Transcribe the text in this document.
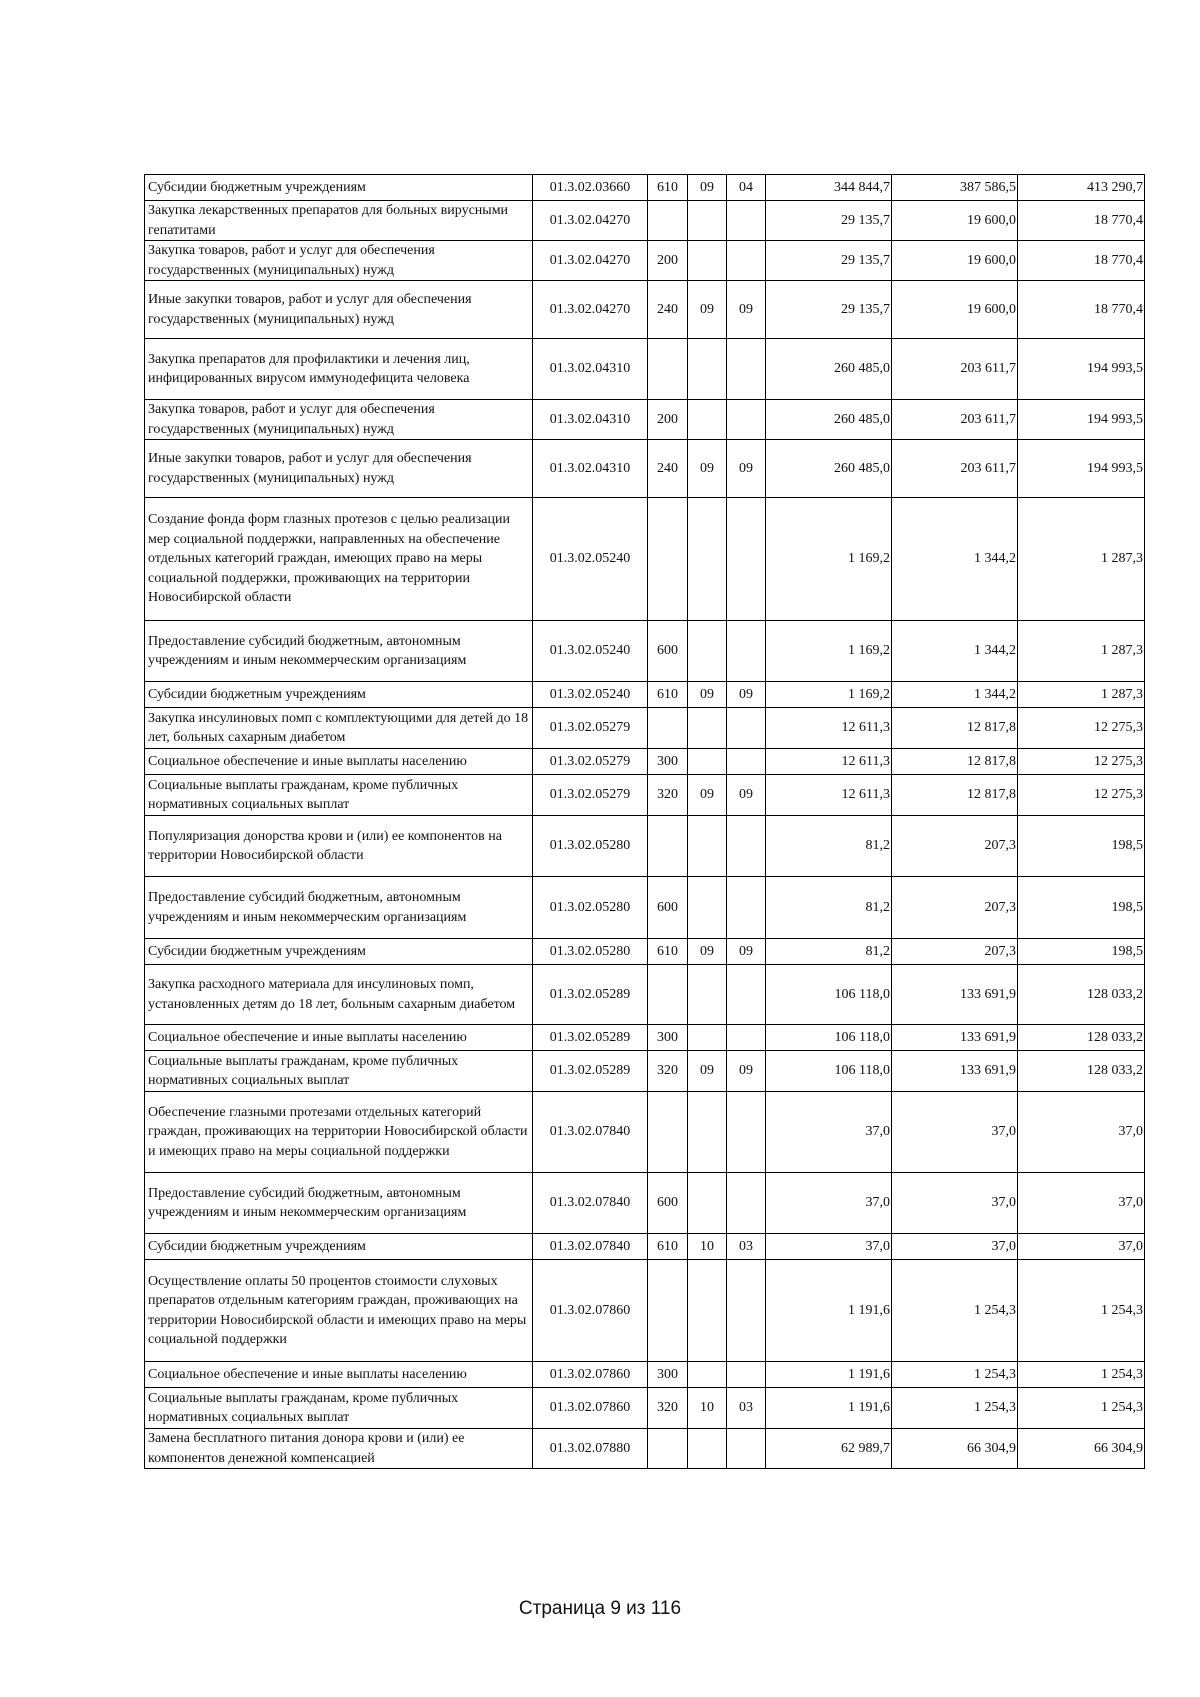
Субсидии бюджетным учреждениям	01.3.02.03660	610	09	04	344 844,7	387 586,5	413 290,7
Закупка лекарственных препаратов для больных вирусными гепатитами	01.3.02.04270				29 135,7	19 600,0	18 770,4
Закупка товаров, работ и услуг для обеспечения государственных (муниципальных) нужд	01.3.02.04270	200			29 135,7	19 600,0	18 770,4
Иные закупки товаров, работ и услуг для обеспечения государственных (муниципальных) нужд	01.3.02.04270	240	09	09	29 135,7	19 600,0	18 770,4
Закупка препаратов для профилактики и лечения лиц, инфицированных вирусом иммунодефицита человека	01.3.02.04310				260 485,0	203 611,7	194 993,5
Закупка товаров, работ и услуг для обеспечения государственных (муниципальных) нужд	01.3.02.04310	200			260 485,0	203 611,7	194 993,5
Иные закупки товаров, работ и услуг для обеспечения государственных (муниципальных) нужд	01.3.02.04310	240	09	09	260 485,0	203 611,7	194 993,5
Создание фонда форм глазных протезов с целью реализации мер социальной поддержки, направленных на обеспечение отдельных категорий граждан, имеющих право на меры социальной поддержки, проживающих на территории Новосибирской области	01.3.02.05240				1 169,2	1 344,2	1 287,3
Предоставление субсидий бюджетным, автономным учреждениям и иным некоммерческим организациям	01.3.02.05240	600			1 169,2	1 344,2	1 287,3
Субсидии бюджетным учреждениям	01.3.02.05240	610	09	09	1 169,2	1 344,2	1 287,3
Закупка инсулиновых помп с комплектующими для детей до 18 лет, больных сахарным диабетом	01.3.02.05279				12 611,3	12 817,8	12 275,3
Социальное обеспечение и иные выплаты населению	01.3.02.05279	300			12 611,3	12 817,8	12 275,3
Социальные выплаты гражданам, кроме публичных нормативных социальных выплат	01.3.02.05279	320	09	09	12 611,3	12 817,8	12 275,3
Популяризация донорства крови и (или) ее компонентов на территории Новосибирской области	01.3.02.05280				81,2	207,3	198,5
Предоставление субсидий бюджетным, автономным учреждениям и иным некоммерческим организациям	01.3.02.05280	600			81,2	207,3	198,5
Субсидии бюджетным учреждениям	01.3.02.05280	610	09	09	81,2	207,3	198,5
Закупка расходного материала для инсулиновых помп, установленных детям до 18 лет, больным сахарным диабетом	01.3.02.05289				106 118,0	133 691,9	128 033,2
Социальное обеспечение и иные выплаты населению	01.3.02.05289	300			106 118,0	133 691,9	128 033,2
Социальные выплаты гражданам, кроме публичных нормативных социальных выплат	01.3.02.05289	320	09	09	106 118,0	133 691,9	128 033,2
Обеспечение глазными протезами отдельных категорий граждан, проживающих на территории Новосибирской области и имеющих право на меры социальной поддержки	01.3.02.07840				37,0	37,0	37,0
Предоставление субсидий бюджетным, автономным учреждениям и иным некоммерческим организациям	01.3.02.07840	600			37,0	37,0	37,0
Субсидии бюджетным учреждениям	01.3.02.07840	610	10	03	37,0	37,0	37,0
Осуществление оплаты 50 процентов стоимости слуховых препаратов отдельным категориям граждан, проживающих на территории Новосибирской области и имеющих право на меры социальной поддержки	01.3.02.07860				1 191,6	1 254,3	1 254,3
Социальное обеспечение и иные выплаты населению	01.3.02.07860	300			1 191,6	1 254,3	1 254,3
Социальные выплаты гражданам, кроме публичных нормативных социальных выплат	01.3.02.07860	320	10	03	1 191,6	1 254,3	1 254,3
Замена бесплатного питания донора крови и (или) ее компонентов денежной компенсацией	01.3.02.07880				62 989,7	66 304,9	66 304,9
Страница 9 из 116
